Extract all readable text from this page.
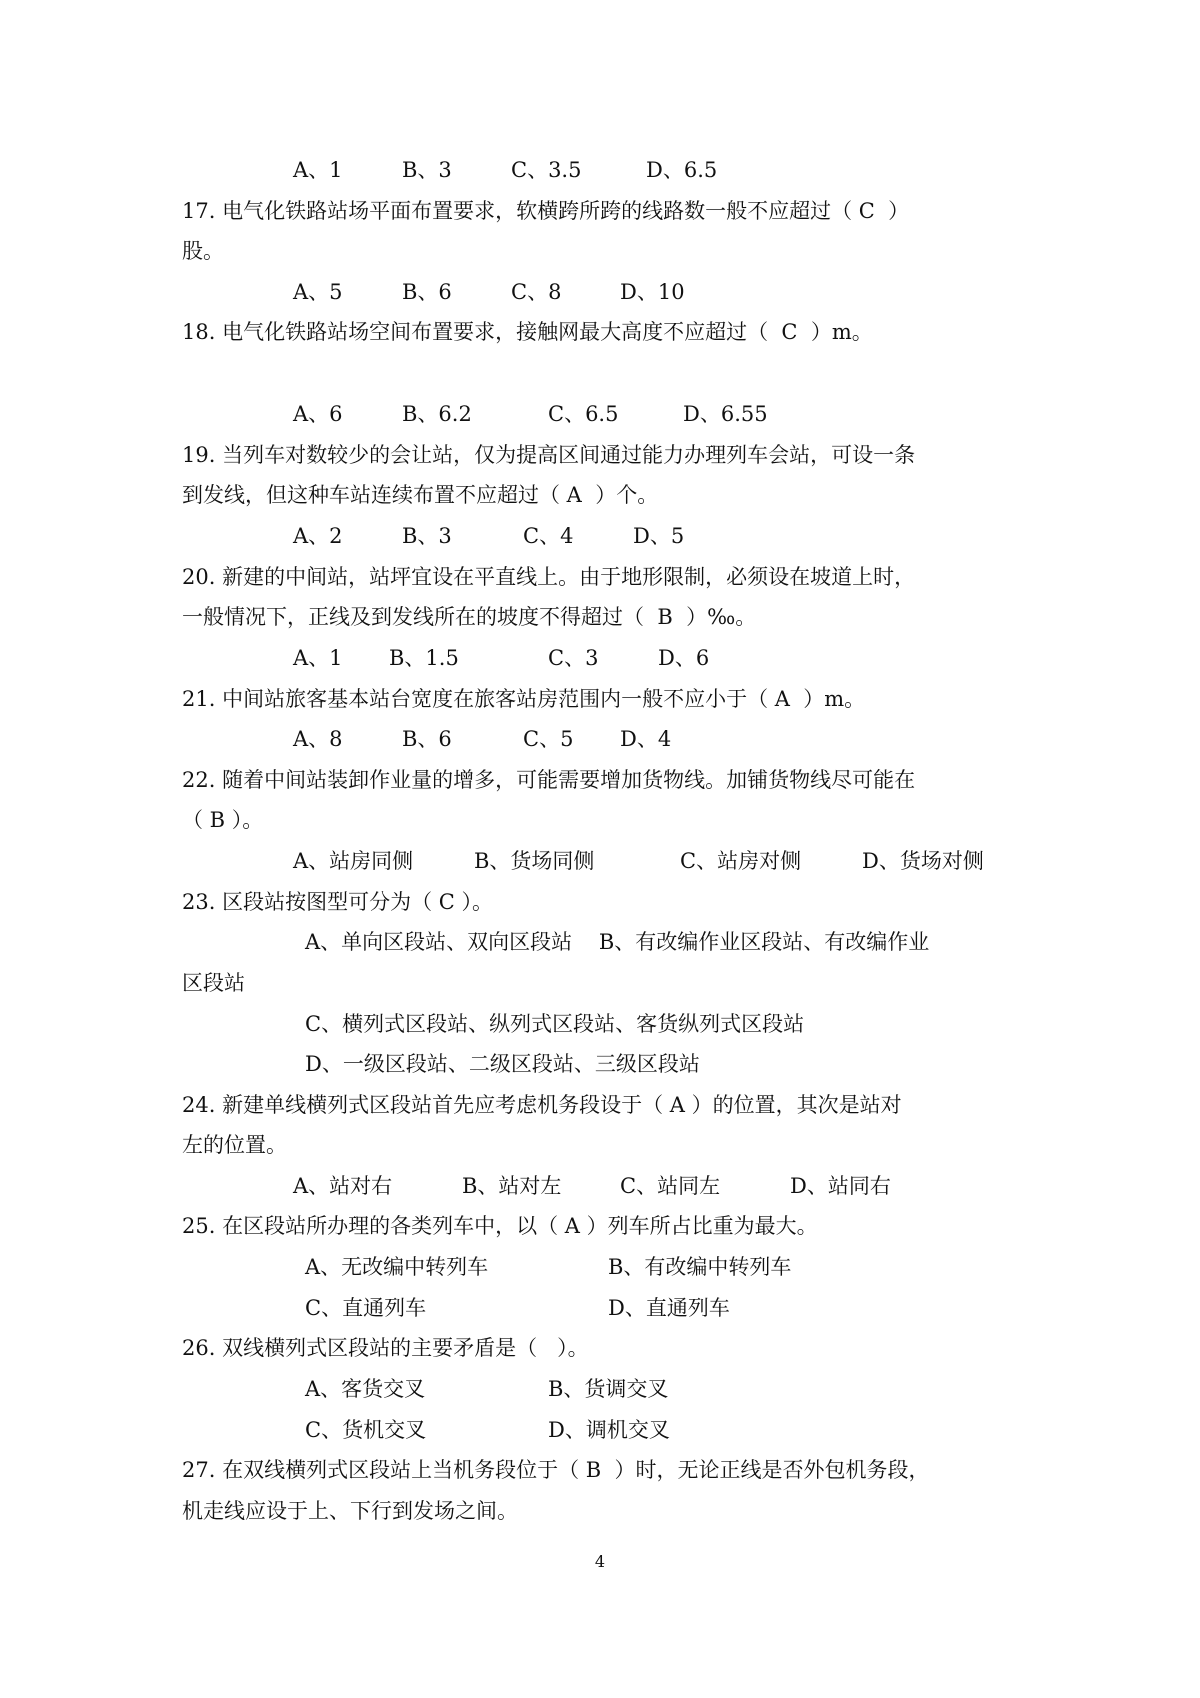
A、1	B、3	C、3.5	D、6.5
17. 电气化铁路站场平面布置要求，软横跨所跨的线路数一般不应超过（ C  ）
股。
A、5	B、6	C、8	D、10
18. 电气化铁路站场空间布置要求，接触网最大高度不应超过（  C  ）m。
A、6	B、6.2	C、6.5	D、6.55
19. 当列车对数较少的会让站，仅为提高区间通过能力办理列车会站，可设一条
到发线，但这种车站连续布置不应超过（ A  ）个。
A、2	B、3	C、4	D、5
20. 新建的中间站，站坪宜设在平直线上。由于地形限制，必须设在坡道上时，
一般情况下，正线及到发线所在的坡度不得超过（  B  ）‰。
A、1 B、1.5	C、3	D、6
21. 中间站旅客基本站台宽度在旅客站房范围内一般不应小于（ A  ）m。
A、8	B、6	C、5 D、4
22. 随着中间站装卸作业量的增多，可能需要增加货物线。加铺货物线尽可能在
（ B ）。
A、站房同侧	B、货场同侧	C、站房对侧	D、货场对侧
23. 区段站按图型可分为（ C ）。
A、单向区段站、双向区段站    B、有改编作业区段站、有改编作业
区段站
C、横列式区段站、纵列式区段站、客货纵列式区段站
D、一级区段站、二级区段站、三级区段站
24. 新建单线横列式区段站首先应考虑机务段设于（ A ）的位置，其次是站对
左的位置。
A、站对右	B、站对左	C、站同左	D、站同右
25. 在区段站所办理的各类列车中，以（ A ）列车所占比重为最大。
A、无改编中转列车	B、有改编中转列车
C、直通列车	D、直通列车
26. 双线横列式区段站的主要矛盾是（   ）。
A、客货交叉	B、货调交叉
C、货机交叉	D、调机交叉
27. 在双线横列式区段站上当机务段位于（ B  ）时，无论正线是否外包机务段，
机走线应设于上、下行到发场之间。
4
